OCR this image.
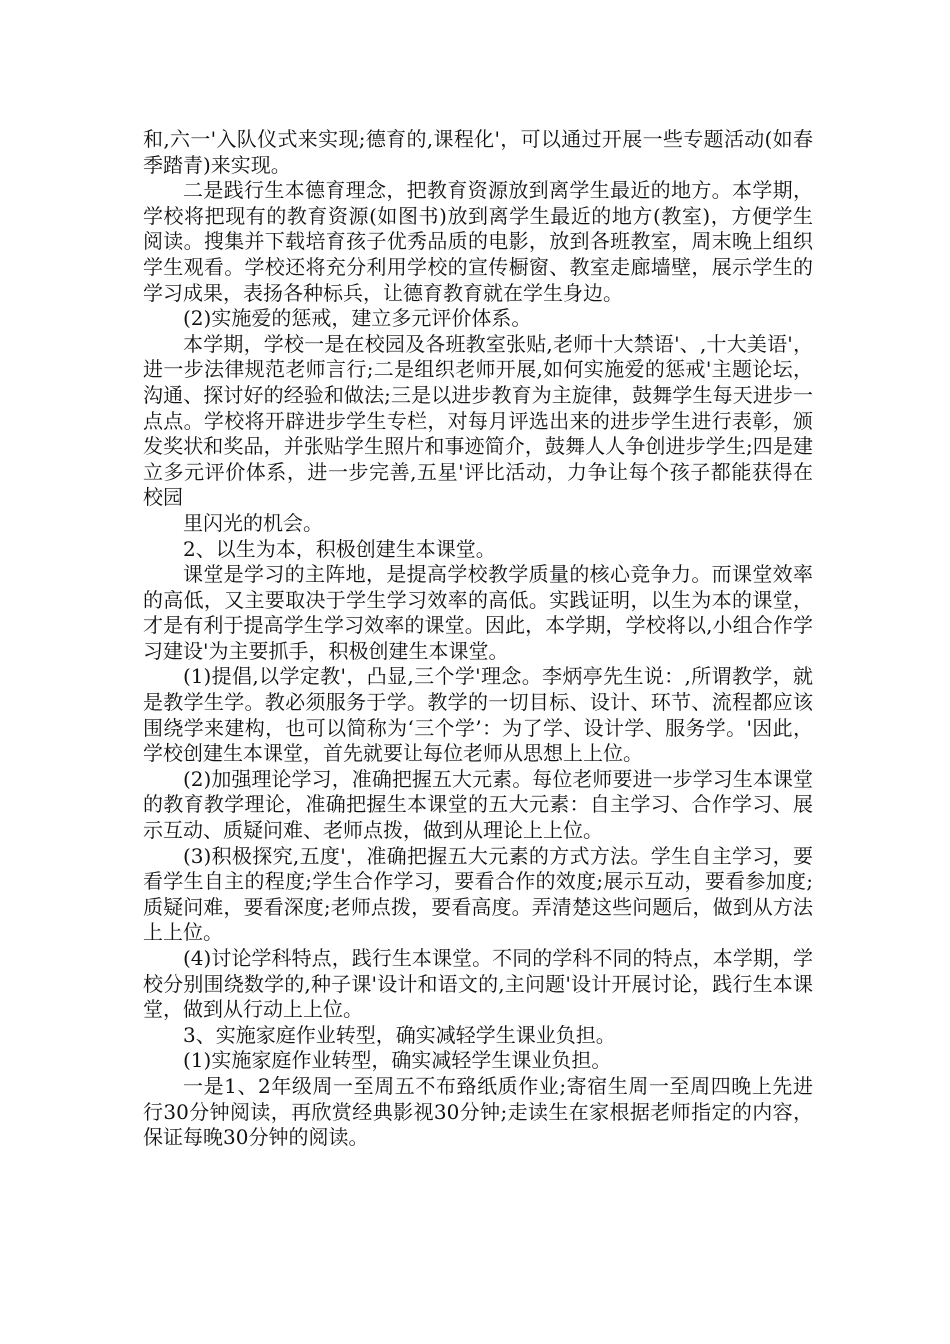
和,六一'入队仪式来实现;德育的,课程化'，可以通过开展一些专题活动(如春季踏青)来实现。

二是践行生本德育理念，把教育资源放到离学生最近的地方。本学期，学校将把现有的教育资源(如图书)放到离学生最近的地方(教室)，方便学生阅读。搜集并下载培育孩子优秀品质的电影，放到各班教室，周末晚上组织学生观看。学校还将充分利用学校的宣传橱窗、教室走廊墙壁，展示学生的学习成果，表扬各种标兵，让德育教育就在学生身边。

(2)实施爱的惩戒，建立多元评价体系。

本学期，学校一是在校园及各班教室张贴,老师十大禁语'、,十大美语'，进一步法律规范老师言行;二是组织老师开展,如何实施爱的惩戒'主题论坛，沟通、探讨好的经验和做法;三是以进步教育为主旋律，鼓舞学生每天进步一点点。学校将开辟进步学生专栏，对每月评选出来的进步学生进行表彰，颁发奖状和奖品，并张贴学生照片和事迹简介，鼓舞人人争创进步学生;四是建立多元评价体系，进一步完善,五星'评比活动，力争让每个孩子都能获得在校园

里闪光的机会。

2、以生为本，积极创建生本课堂。

课堂是学习的主阵地，是提高学校教学质量的核心竞争力。而课堂效率的高低，又主要取决于学生学习效率的高低。实践证明，以生为本的课堂，才是有利于提高学生学习效率的课堂。因此，本学期，学校将以,小组合作学习建设'为主要抓手，积极创建生本课堂。

(1)提倡,以学定教'，凸显,三个学'理念。李炳亭先生说：,所谓教学，就是教学生学。教必须服务于学。教学的一切目标、设计、环节、流程都应该围绕学来建构，也可以简称为‘三个学’：为了学、设计学、服务学。'因此，学校创建生本课堂，首先就要让每位老师从思想上上位。

(2)加强理论学习，准确把握五大元素。每位老师要进一步学习生本课堂的教育教学理论，准确把握生本课堂的五大元素：自主学习、合作学习、展示互动、质疑问难、老师点拨，做到从理论上上位。

(3)积极探究,五度'，准确把握五大元素的方式方法。学生自主学习，要看学生自主的程度;学生合作学习，要看合作的效度;展示互动，要看参加度;质疑问难，要看深度;老师点拨，要看高度。弄清楚这些问题后，做到从方法上上位。

(4)讨论学科特点，践行生本课堂。不同的学科不同的特点，本学期，学校分别围绕数学的,种子课'设计和语文的,主问题'设计开展讨论，践行生本课堂，做到从行动上上位。

3、实施家庭作业转型，确实减轻学生课业负担。

(1)实施家庭作业转型，确实减轻学生课业负担。

一是1、2年级周一至周五不布臵纸质作业;寄宿生周一至周四晚上先进行30分钟阅读，再欣赏经典影视30分钟;走读生在家根据老师指定的内容，保证每晚30分钟的阅读。
